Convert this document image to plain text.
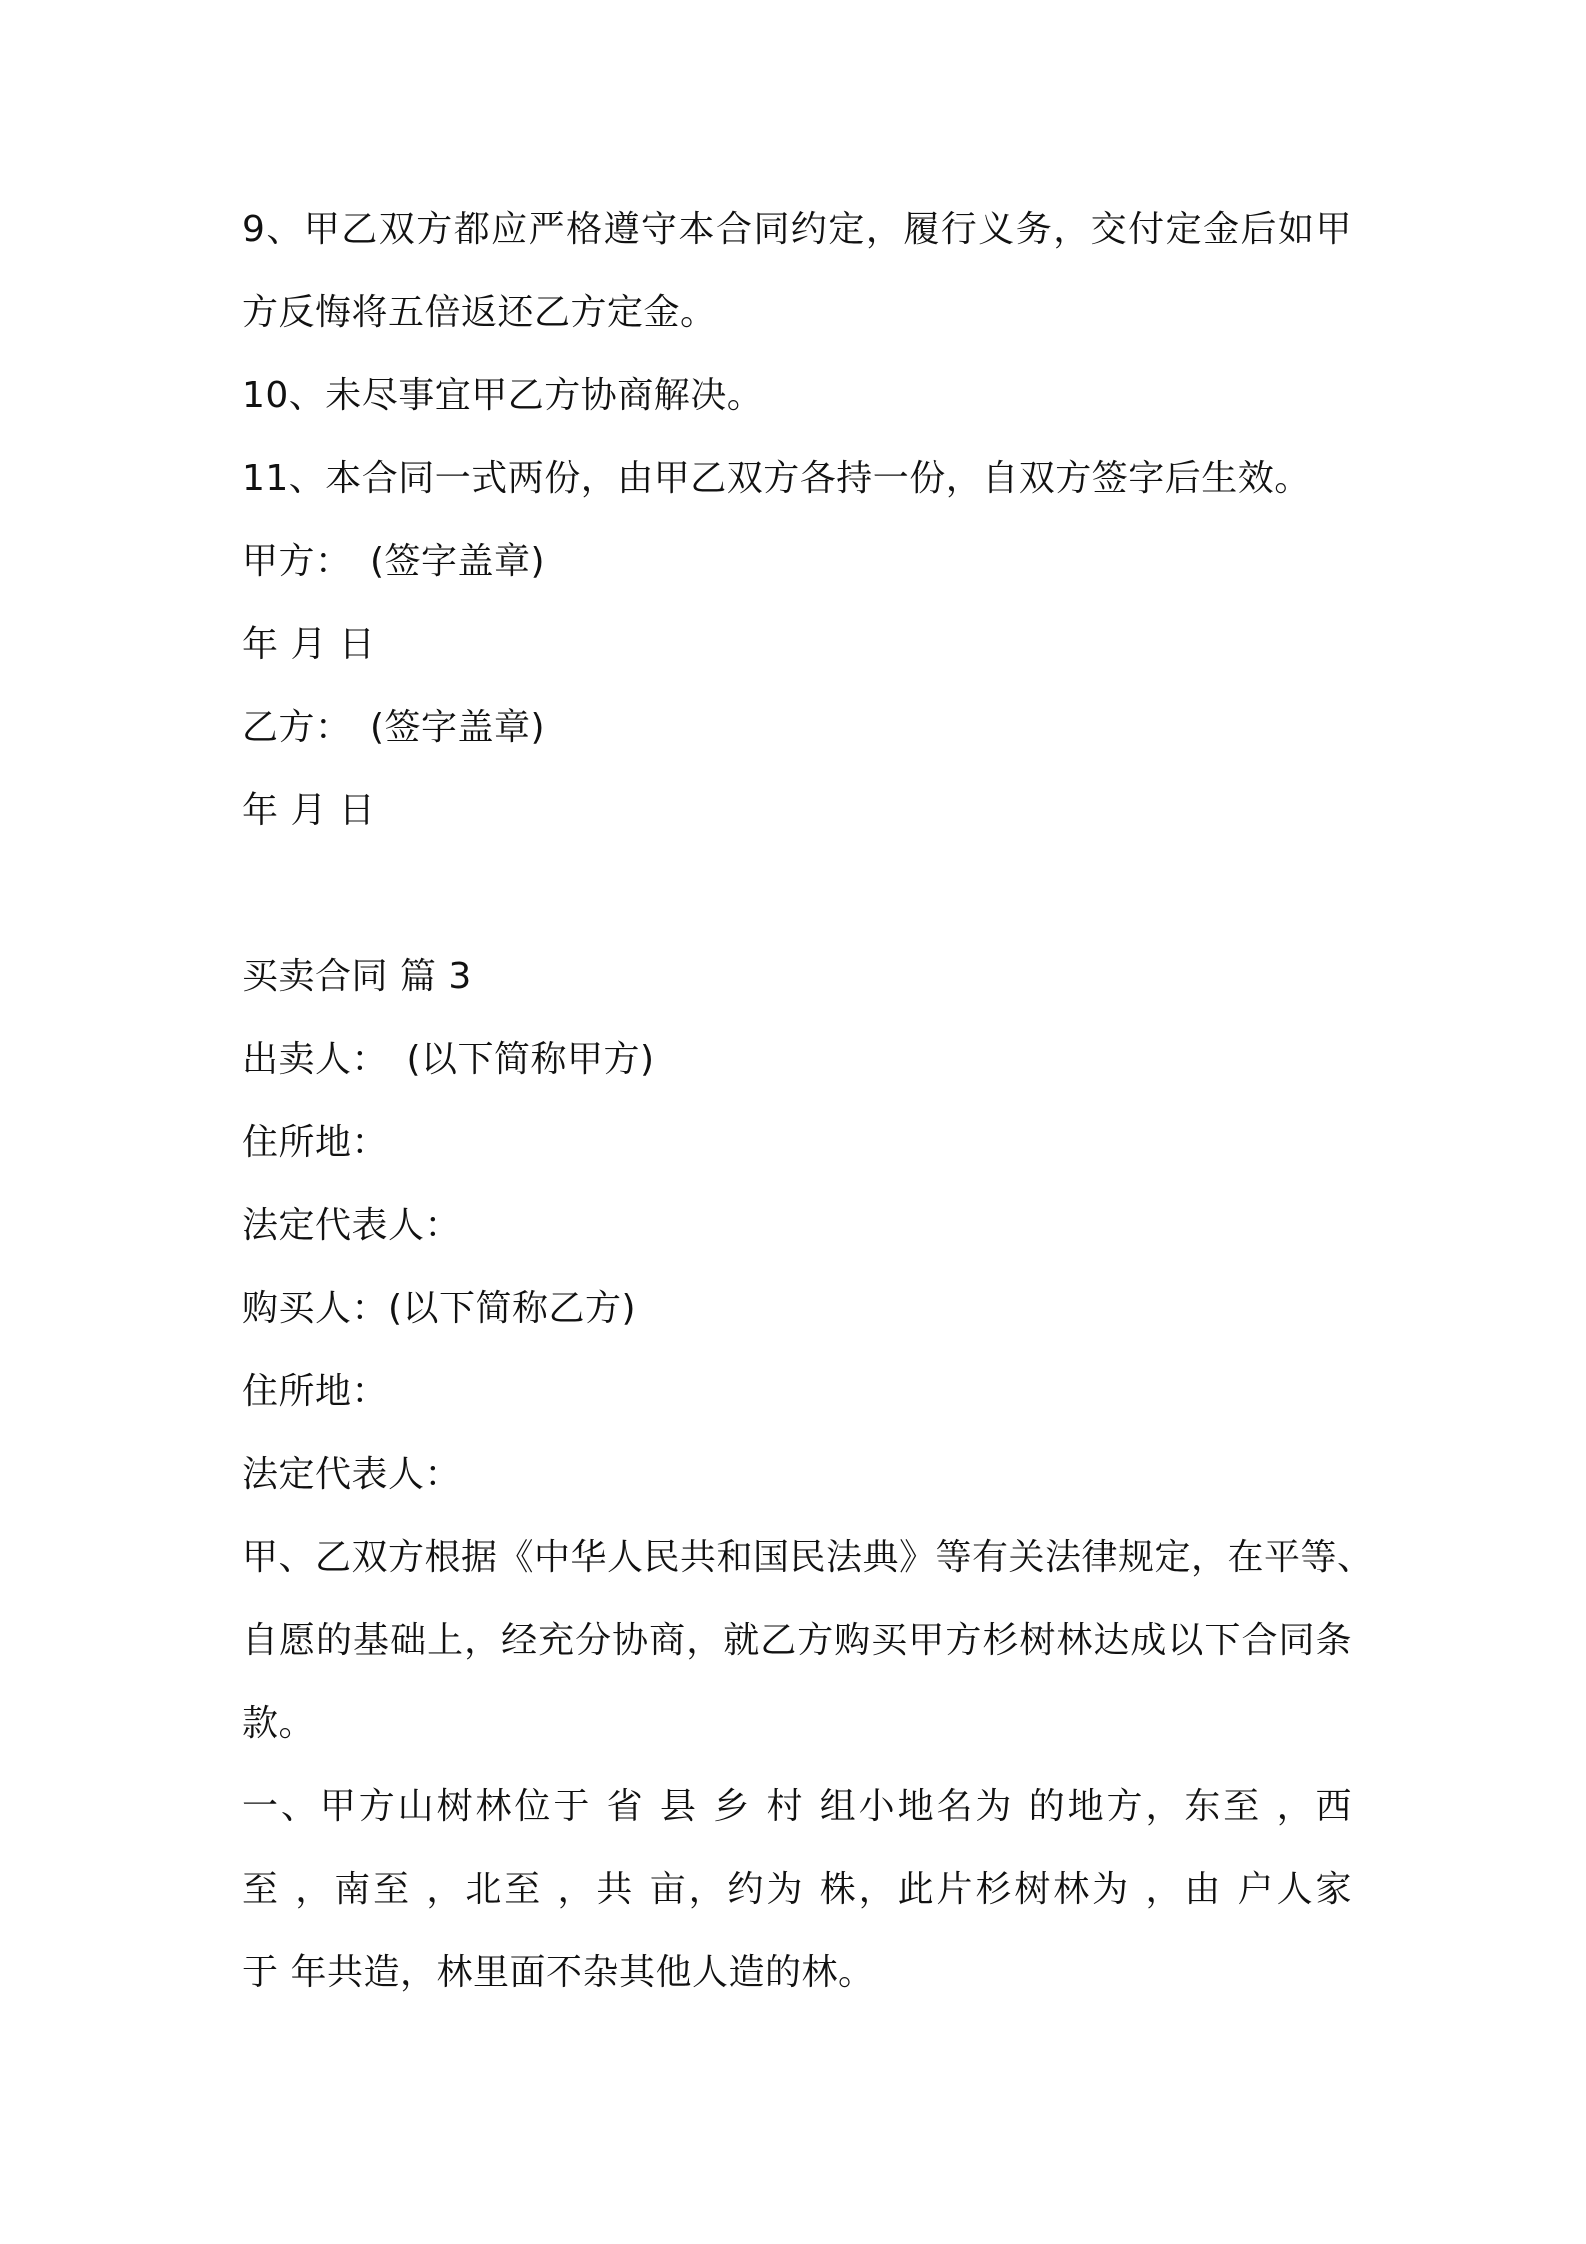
9、甲乙双方都应严格遵守本合同约定，履行义务，交付定金后如甲
方反悔将五倍返还乙方定金。
10、未尽事宜甲乙方协商解决。
11、本合同一式两份，由甲乙双方各持一份，自双方签字后生效。
甲方：　(签字盖章)
年 月 日
乙方：　(签字盖章)
年 月 日
买卖合同 篇 3
出卖人：　(以下简称甲方)
住所地：
法定代表人：
购买人：(以下简称乙方)
住所地：
法定代表人：
甲、乙双方根据《中华人民共和国民法典》等有关法律规定，在平等、
自愿的基础上，经充分协商，就乙方购买甲方杉树林达成以下合同条
款。
一、甲方山树林位于 省 县 乡 村 组小地名为 的地方，东至 ，西
至 ，南至 ，北至 ，共 亩，约为 株，此片杉树林为 ，由 户人家
于 年共造，林里面不杂其他人造的林。
